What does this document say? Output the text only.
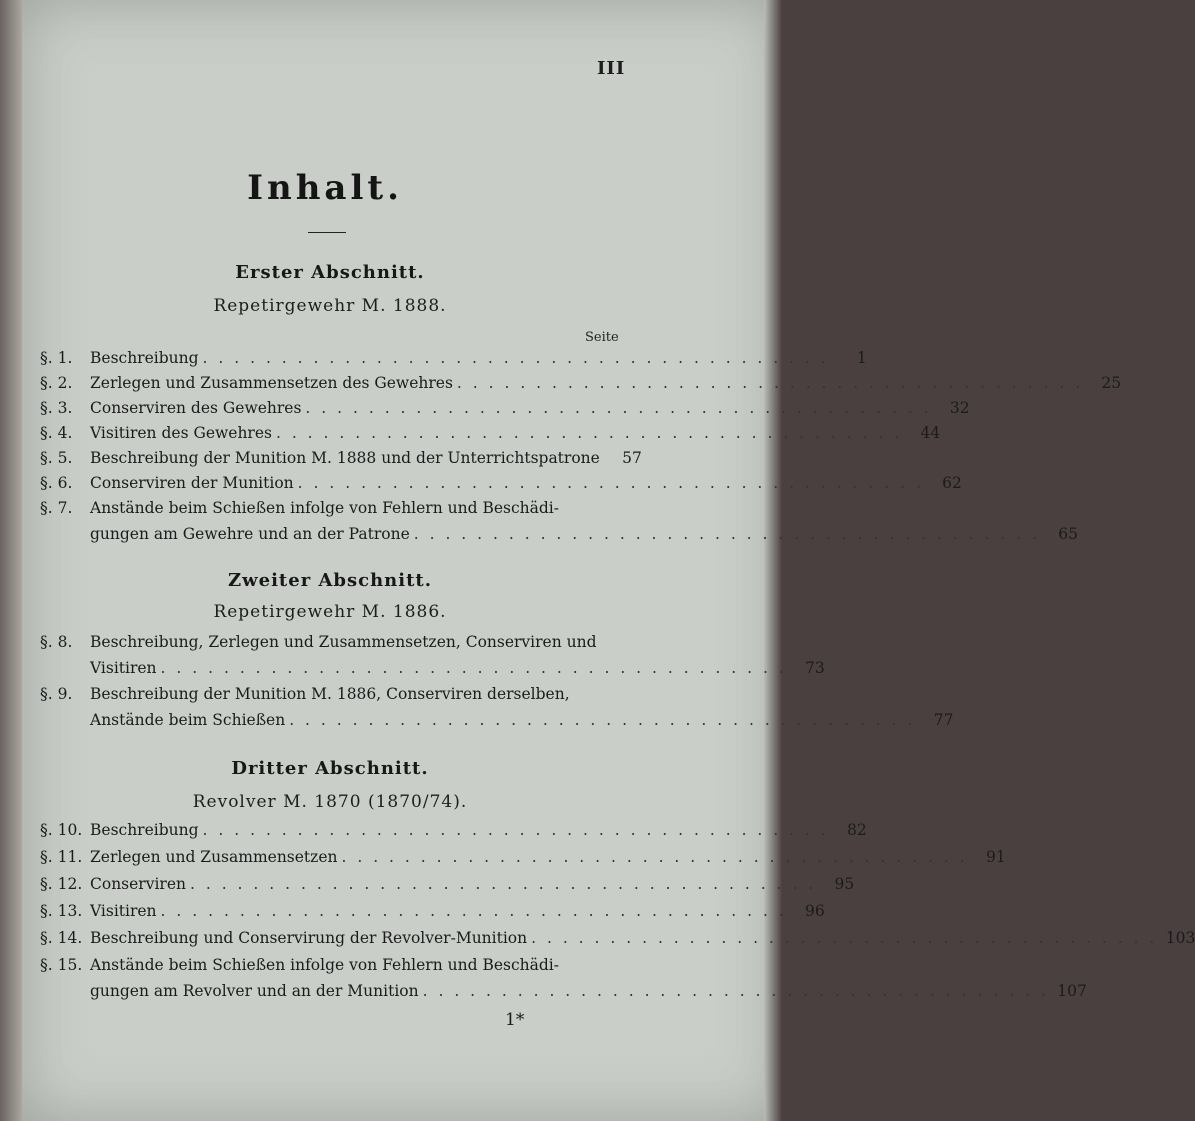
III
Inhalt.
Erster Abschnitt.
Repetirgewehr M. 1888.
Seite
§. 1.	Beschreibung . . . . . . . . . . . . . . . . . . . . . . . . . . . . . . . . . . . . . . . .	1
§. 2.	Zerlegen und Zusammensetzen des Gewehres . . . . . . . . . . . . . . . . . . . . . . . . . . . . . . . . . . . . . . . .	25
§. 3.	Conserviren des Gewehres . . . . . . . . . . . . . . . . . . . . . . . . . . . . . . . . . . . . . . . .	32
§. 4.	Visitiren des Gewehres . . . . . . . . . . . . . . . . . . . . . . . . . . . . . . . . . . . . . . . .	44
§. 5.	Beschreibung der Munition M. 1888 und der Unterrichtspatrone	57
§. 6.	Conserviren der Munition . . . . . . . . . . . . . . . . . . . . . . . . . . . . . . . . . . . . . . . .	62
§. 7.	Anstände beim Schießen infolge von Fehlern und Beschädi-
gungen am Gewehre und an der Patrone . . . . . . . . . . . . . . . . . . . . . . . . . . . . . . . . . . . . . . . .	65
Zweiter Abschnitt.
Repetirgewehr M. 1886.
§. 8.	Beschreibung, Zerlegen und Zusammensetzen, Conserviren und
Visitiren . . . . . . . . . . . . . . . . . . . . . . . . . . . . . . . . . . . . . . . .	73
§. 9.	Beschreibung der Munition M. 1886, Conserviren derselben,
Anstände beim Schießen . . . . . . . . . . . . . . . . . . . . . . . . . . . . . . . . . . . . . . . .	77
Dritter Abschnitt.
Revolver M. 1870 (1870/74).
§. 10. Beschreibung . . . . . . . . . . . . . . . . . . . . . . . . . . . . . . . . . . . . . . . .	82
§. 11. Zerlegen und Zusammensetzen . . . . . . . . . . . . . . . . . . . . . . . . . . . . . . . . . . . . . . . .	91
§. 12. Conserviren . . . . . . . . . . . . . . . . . . . . . . . . . . . . . . . . . . . . . . . .	95
§. 13. Visitiren . . . . . . . . . . . . . . . . . . . . . . . . . . . . . . . . . . . . . . . .	96
§. 14. Beschreibung und Conservirung der Revolver-Munition . . . . . . . . . . . . . . . . . . . . . . . . . . . . . . . . . . . . . . . . 103
§. 15. Anstände beim Schießen infolge von Fehlern und Beschädi-
gungen am Revolver und an der Munition . . . . . . . . . . . . . . . . . . . . . . . . . . . . . . . . . . . . . . . . 107
1*
